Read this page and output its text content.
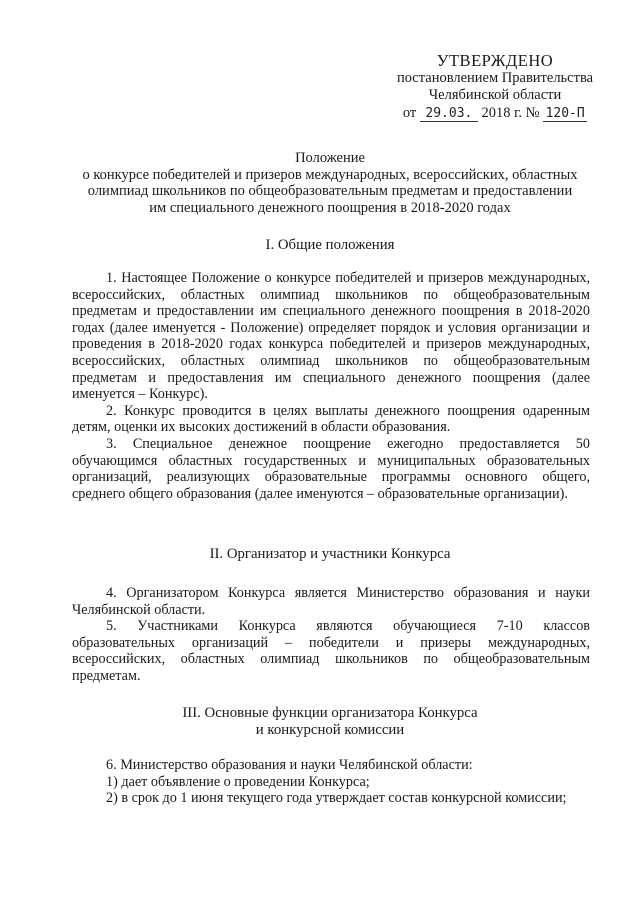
УТВЕРЖДЕНО
постановлением Правительства
Челябинской области
от 29.03. 2018 г. № 120-П
Положение
о конкурсе победителей и призеров международных, всероссийских, областных
олимпиад школьников по общеобразовательным предметам и предоставлении
им специального денежного поощрения в 2018-2020 годах
I. Общие положения

1. Настоящее Положение о конкурсе победителей и призеров международных, всероссийских, областных олимпиад школьников по общеобразовательным предметам и предоставлении им специального денежного поощрения в 2018-2020 годах (далее именуется - Положение) определяет порядок и условия организации и проведения в 2018-2020 годах конкурса победителей и призеров международных, всероссийских, областных олимпиад школьников по общеобразовательным предметам и предоставления им специального денежного поощрения (далее именуется – Конкурс).

2. Конкурс проводится в целях выплаты денежного поощрения одаренным детям, оценки их высоких достижений в области образования.

3. Специальное денежное поощрение ежегодно предоставляется 50 обучающимся областных государственных и муниципальных образовательных организаций, реализующих образовательные программы основного общего, среднего общего образования (далее именуются – образовательные организации).

II. Организатор и участники Конкурса

4. Организатором Конкурса является Министерство образования и науки Челябинской области.

5. Участниками Конкурса являются обучающиеся 7-10 классов образовательных организаций – победители и призеры международных, всероссийских, областных олимпиад школьников по общеобразовательным предметам.

III. Основные функции организатора Конкурса
и конкурсной комиссии

6. Министерство образования и науки Челябинской области:

1) дает объявление о проведении Конкурса;

2) в срок до 1 июня текущего года утверждает состав конкурсной комиссии;
